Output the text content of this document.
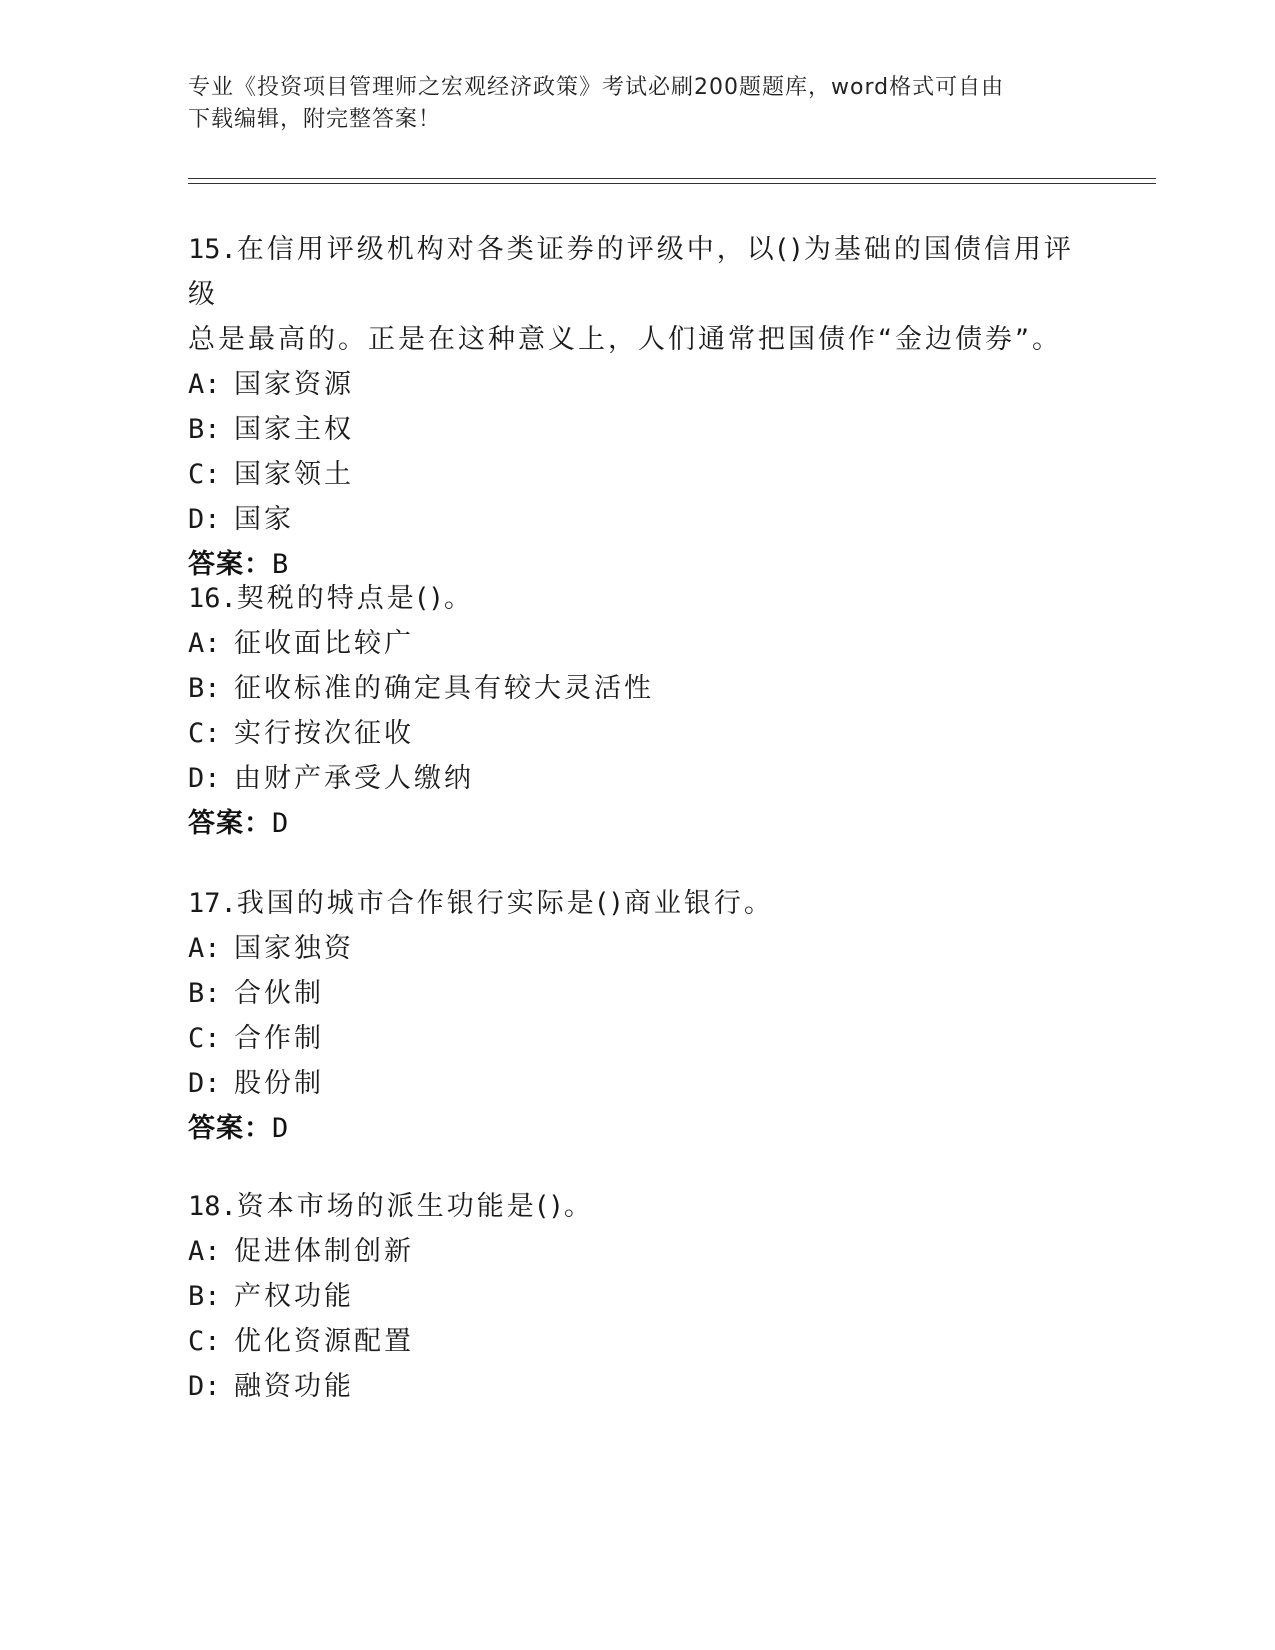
专业《投资项目管理师之宏观经济政策》考试必刷200题题库，word格式可自由
下载编辑，附完整答案！

15.在信用评级机构对各类证券的评级中，以()为基础的国债信用评级

总是最高的。正是在这种意义上，人们通常把国债作“金边债券”。

A: 国家资源

B: 国家主权

C: 国家领土

D: 国家

答案：B

16.契税的特点是()。

A: 征收面比较广

B: 征收标准的确定具有较大灵活性

C: 实行按次征收

D: 由财产承受人缴纳

答案：D

17.我国的城市合作银行实际是()商业银行。

A: 国家独资

B: 合伙制

C: 合作制

D: 股份制

答案：D

18.资本市场的派生功能是()。

A: 促进体制创新

B: 产权功能

C: 优化资源配置

D: 融资功能
